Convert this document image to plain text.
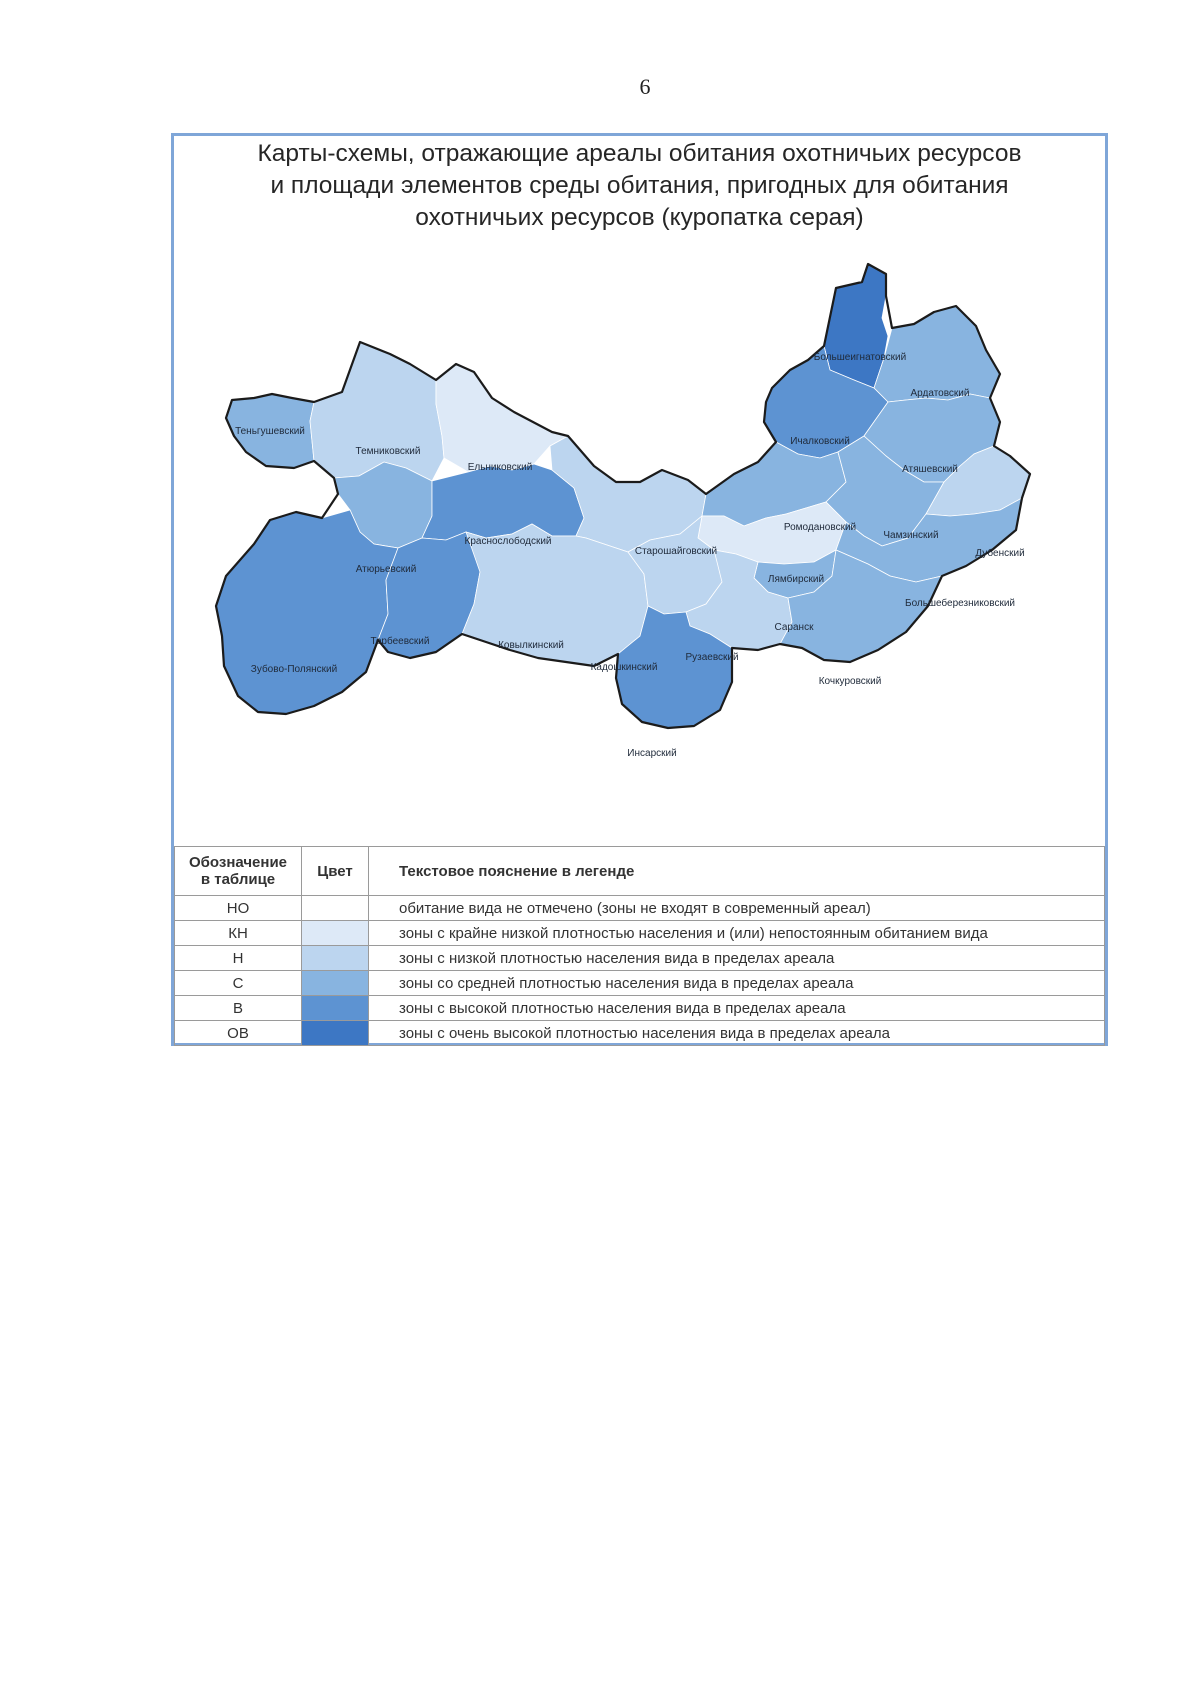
6
Карты-схемы, отражающие ареалы обитания охотничьих ресурсов
и площади элементов среды обитания, пригодных для обитания
охотничьих ресурсов (куропатка серая)
Теньгушевский
Темниковский
Ельниковский
Большеигнатовский
Ардатовский
Ичалковский
Атяшевский
Атюрьевский
Краснослободский
Старошайговский
Ромодановский
Чамзинский
Дубенский
Лямбирский
Большеберезниковский
Саранск
Зубово-Полянский
Торбеевский	Ковылкинский
Кадошкинский
Рузаевский
Кочкуровский
Инсарский
Обозначение
в таблице	Цвет	Текстовое пояснение в легенде
НО		обитание вида не отмечено (зоны не входят в современный ареал)
КН		зоны с крайне низкой плотностью населения и (или) непостоянным обитанием вида
Н		зоны с низкой плотностью населения вида в пределах ареала
С		зоны со средней плотностью населения вида в пределах ареала
В		зоны с высокой плотностью населения вида в пределах ареала
ОВ		зоны с очень высокой плотностью населения вида в пределах ареала
